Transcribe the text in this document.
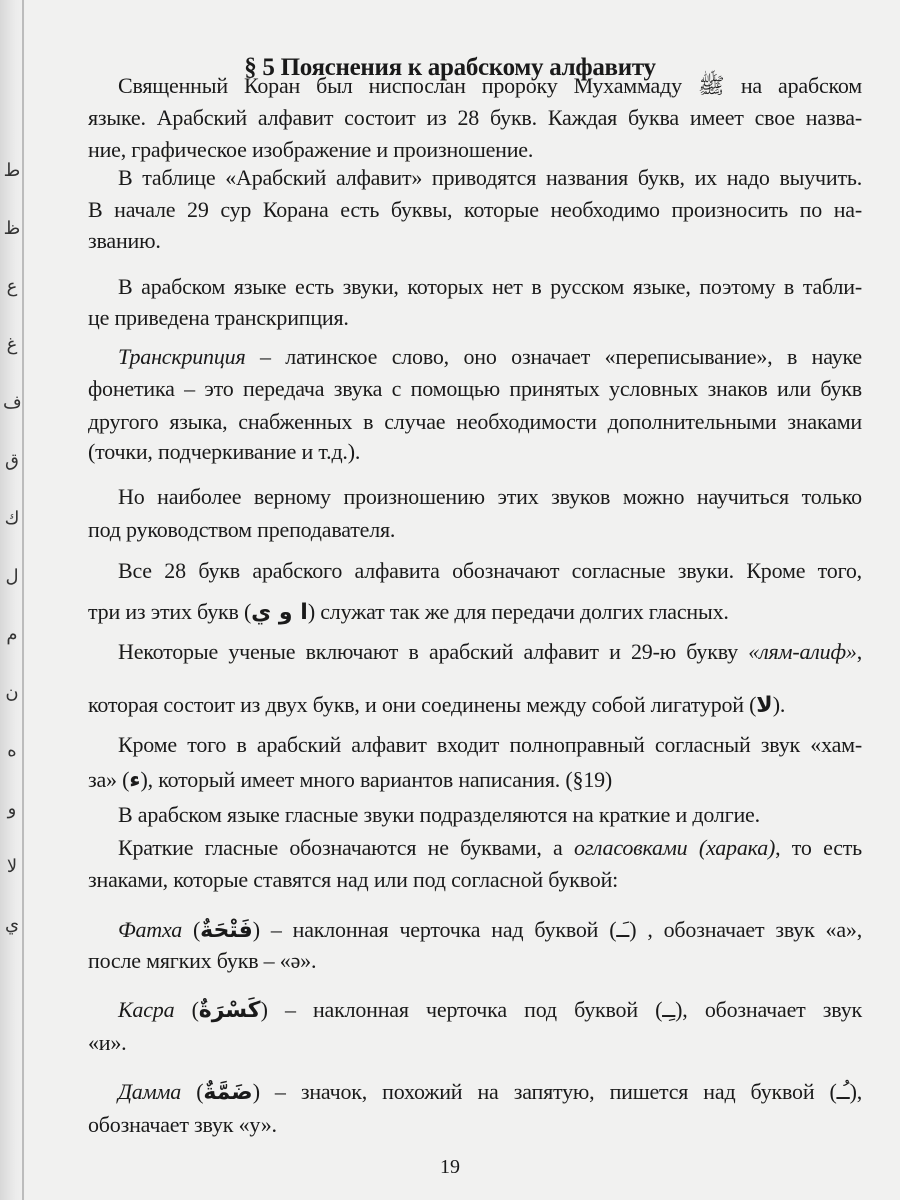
ط
ظ
ع
غ
ف
ق
ك
ل
م
ن
ه
و
لا
ي
§ 5 Пояснения к арабскому алфавиту
Священный Коран был ниспослан пророку Мухаммаду ﷺ на арабском
языке. Арабский алфавит состоит из 28 букв. Каждая буква имеет свое назва-
ние, графическое изображение и произношение.
В таблице «Арабский алфавит» приводятся названия букв, их надо выучить.
В начале 29 сур Корана есть буквы, которые необходимо произносить по на-
званию.
В арабском языке есть звуки, которых нет в русском языке, поэтому в табли-
це приведена транскрипция.
Транскрипция – латинское слово, оно означает «переписывание», в науке
фонетика – это передача звука с помощью принятых условных знаков или букв
другого языка, снабженных в случае необходимости дополнительными знаками
(точки, подчеркивание и т.д.).
Но наиболее верному произношению этих звуков можно научиться только
под руководством преподавателя.
Все 28 букв арабского алфавита обозначают согласные звуки. Кроме того,
три из этих букв (ا و ي) служат так же для передачи долгих гласных.
Некоторые ученые включают в арабский алфавит и 29-ю букву «лям-алиф»,
которая состоит из двух букв, и они соединены между собой лигатурой (لا).
Кроме того в арабский алфавит входит полноправный согласный звук «хам-
за» (ء), который имеет много вариантов написания. (§19)
В арабском языке гласные звуки подразделяются на краткие и долгие.
Краткие гласные обозначаются не буквами, а огласовками (харака), то есть
знаками, которые ставятся над или под согласной буквой:
Фатха (فَتْحَةٌ) – наклонная черточка над буквой (ـَـ) , обозначает звук «а»,
после мягких букв – «ә».
Касра (كَسْرَةٌ) – наклонная черточка под буквой (ـِـ), обозначает звук
«и».
Дамма (ضَمَّةٌ) – значок, похожий на запятую, пишется над буквой (ـُـ),
обозначает звук «у».
19
